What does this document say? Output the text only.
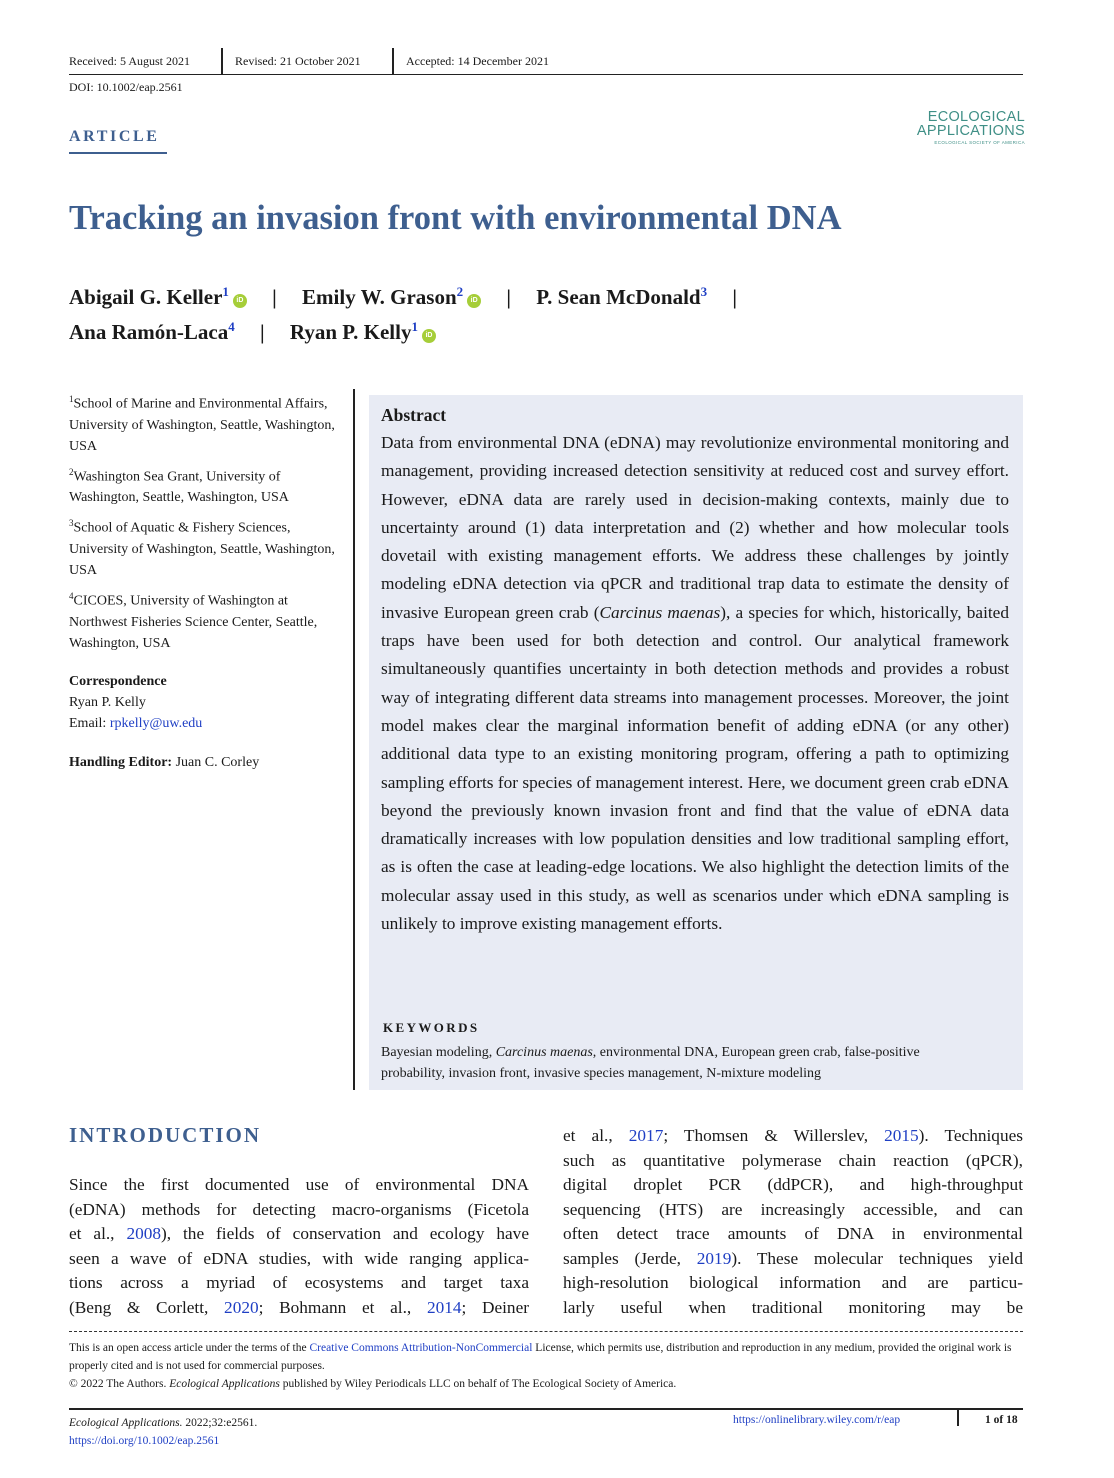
Received: 5 August 2021	Revised: 21 October 2021	Accepted: 14 December 2021
DOI: 10.1002/eap.2561
ARTICLE
ECOLOGICAL
APPLICATIONS
ECOLOGICAL SOCIETY OF AMERICA
Tracking an invasion front with environmental DNA
Abigail G. Keller$^1$iD | Emily W. Grason$^2$iD | P. Sean McDonald$^3$ |
Ana Ramón-Laca$^4$ | Ryan P. Kelly$^1$iD
$^1$School of Marine and Environmental Affairs, University of Washington, Seattle, Washington, USA
$^2$Washington Sea Grant, University of Washington, Seattle, Washington, USA
$^3$School of Aquatic & Fishery Sciences, University of Washington, Seattle, Washington, USA
$^4$CICOES, University of Washington at Northwest Fisheries Science Center, Seattle, Washington, USA
Correspondence
Ryan P. Kelly
Email: rpkelly@uw.edu
Handling Editor: Juan C. Corley
Abstract
Data from environmental DNA (eDNA) may revolutionize environmental monitoring and management, providing increased detection sensitivity at reduced cost and survey effort. However, eDNA data are rarely used in decision-making contexts, mainly due to uncertainty around (1) data interpretation and (2) whether and how molecular tools dovetail with existing management efforts. We address these challenges by jointly modeling eDNA detection via qPCR and traditional trap data to estimate the density of invasive European green crab (Carcinus maenas), a species for which, historically, baited traps have been used for both detection and control. Our analytical framework simultaneously quantifies uncertainty in both detection methods and provides a robust way of integrating different data streams into management processes. Moreover, the joint model makes clear the marginal information benefit of adding eDNA (or any other) additional data type to an existing monitoring program, offering a path to optimizing sampling efforts for species of management interest. Here, we document green crab eDNA beyond the previously known invasion front and find that the value of eDNA data dramatically increases with low population densities and low traditional sampling effort, as is often the case at leading-edge locations. We also highlight the detection limits of the molecular assay used in this study, as well as scenarios under which eDNA sampling is unlikely to improve existing management efforts.
KEYWORDS
Bayesian modeling, Carcinus maenas, environmental DNA, European green crab, false-positive probability, invasion front, invasive species management, N-mixture modeling
INTRODUCTION
Since the first documented use of environmental DNA
(eDNA) methods for detecting macro-organisms (Ficetola
et al., 2008), the fields of conservation and ecology have
seen a wave of eDNA studies, with wide ranging applica-
tions across a myriad of ecosystems and target taxa
(Beng & Corlett, 2020; Bohmann et al., 2014; Deiner
et al., 2017; Thomsen & Willerslev, 2015). Techniques
such as quantitative polymerase chain reaction (qPCR),
digital droplet PCR (ddPCR), and high-throughput
sequencing (HTS) are increasingly accessible, and can
often detect trace amounts of DNA in environmental
samples (Jerde, 2019). These molecular techniques yield
high-resolution biological information and are particu-
larly useful when traditional monitoring may be
This is an open access article under the terms of the Creative Commons Attribution-NonCommercial License, which permits use, distribution and reproduction in any medium, provided the original work is properly cited and is not used for commercial purposes.
© 2022 The Authors. Ecological Applications published by Wiley Periodicals LLC on behalf of The Ecological Society of America.
Ecological Applications. 2022;32:e2561.
https://doi.org/10.1002/eap.2561
https://onlinelibrary.wiley.com/r/eap	1 of 18
